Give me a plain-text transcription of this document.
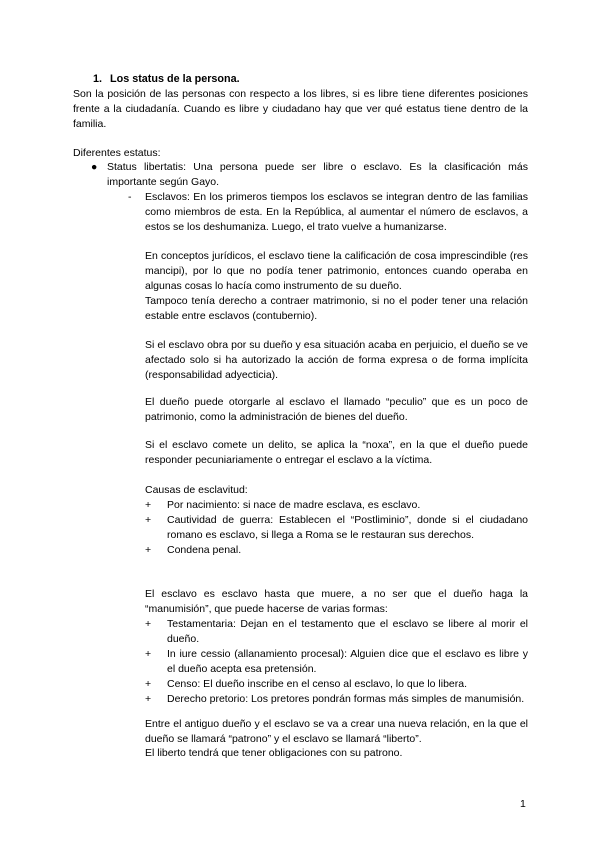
1. Los status de la persona.
Son la posición de las personas con respecto a los libres, si es libre tiene diferentes posiciones frente a la ciudadanía. Cuando es libre y ciudadano hay que ver qué estatus tiene dentro de la familia.
Diferentes estatus:
● Status libertatis: Una persona puede ser libre o esclavo. Es la clasificación más importante según Gayo.
- Esclavos: En los primeros tiempos los esclavos se integran dentro de las familias como miembros de esta. En la República, al aumentar el número de esclavos, a estos se los deshumaniza. Luego, el trato vuelve a humanizarse.
En conceptos jurídicos, el esclavo tiene la calificación de cosa imprescindible (res mancipi), por lo que no podía tener patrimonio, entonces cuando operaba en algunas cosas lo hacía como instrumento de su dueño.
Tampoco tenía derecho a contraer matrimonio, si no el poder tener una relación estable entre esclavos (contubernio).
Si el esclavo obra por su dueño y esa situación acaba en perjuicio, el dueño se ve afectado solo si ha autorizado la acción de forma expresa o de forma implícita (responsabilidad adyecticia).
El dueño puede otorgarle al esclavo el llamado “peculio” que es un poco de patrimonio, como la administración de bienes del dueño.
Si el esclavo comete un delito, se aplica la “noxa”, en la que el dueño puede responder pecuniariamente o entregar el esclavo a la víctima.
Causas de esclavitud:
+	Por nacimiento: si nace de madre esclava, es esclavo.
+	Cautividad de guerra: Establecen el “Postliminio”, donde si el ciudadano romano es esclavo, si llega a Roma se le restauran sus derechos.
+	Condena penal.
El esclavo es esclavo hasta que muere, a no ser que el dueño haga la “manumisión”, que puede hacerse de varias formas:
+	Testamentaria: Dejan en el testamento que el esclavo se libere al morir el dueño.
+	In iure cessio (allanamiento procesal): Alguien dice que el esclavo es libre y el dueño acepta esa pretensión.
+	Censo: El dueño inscribe en el censo al esclavo, lo que lo libera.
+	Derecho pretorio: Los pretores pondrán formas más simples de manumisión.
Entre el antiguo dueño y el esclavo se va a crear una nueva relación, en la que el dueño se llamará “patrono” y el esclavo se llamará “liberto”.
El liberto tendrá que tener obligaciones con su patrono.
1
